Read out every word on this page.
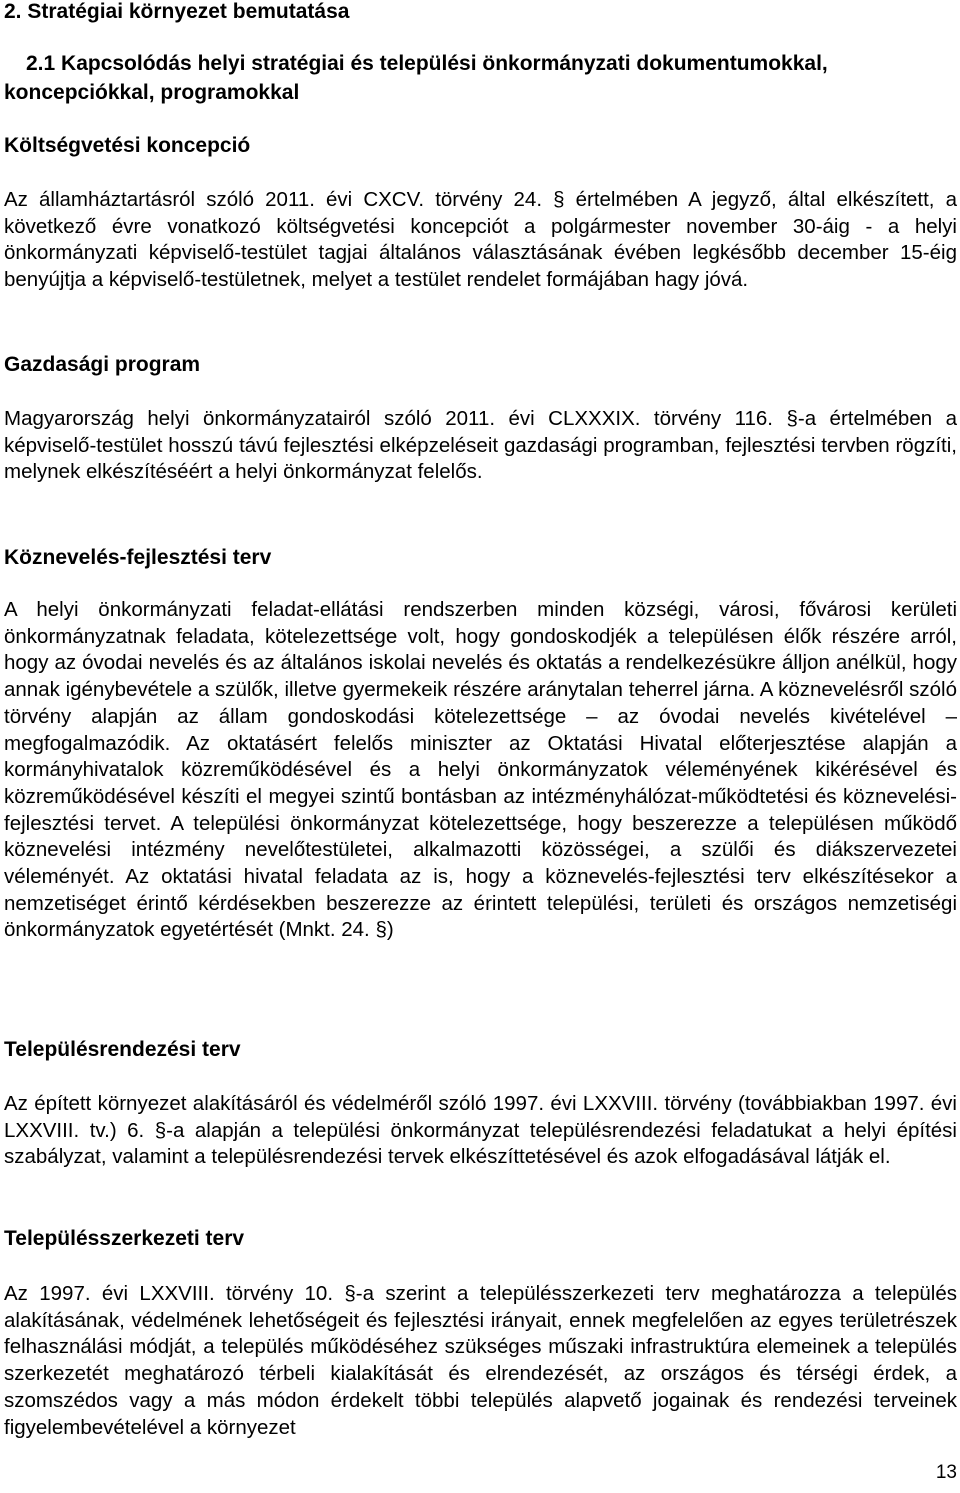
2. Stratégiai környezet bemutatása
2.1 Kapcsolódás helyi stratégiai és települési önkormányzati dokumentumokkal, koncepciókkal, programokkal
Költségvetési koncepció

Az államháztartásról szóló 2011. évi CXCV. törvény 24. § értelmében A jegyző, által elkészített, a következő évre vonatkozó költségvetési koncepciót a polgármester november 30-áig - a helyi önkormányzati képviselő-testület tagjai általános választásának évében legkésőbb december 15-éig benyújtja a képviselő-testületnek, melyet a testület rendelet formájában hagy jóvá.

Gazdasági program

Magyarország helyi önkormányzatairól szóló 2011. évi CLXXXIX. törvény 116. §-a értelmében a képviselő-testület hosszú távú fejlesztési elképzeléseit gazdasági programban, fejlesztési tervben rögzíti, melynek elkészítéséért a helyi önkormányzat felelős.

Köznevelés-fejlesztési terv

A helyi önkormányzati feladat-ellátási rendszerben minden községi, városi, fővárosi kerületi önkormányzatnak feladata, kötelezettsége volt, hogy gondoskodjék a településen élők részére arról, hogy az óvodai nevelés és az általános iskolai nevelés és oktatás a rendelkezésükre álljon anélkül, hogy annak igénybevétele a szülők, illetve gyermekeik részére aránytalan teherrel járna. A köznevelésről szóló törvény alapján az állam gondoskodási kötelezettsége – az óvodai nevelés kivételével – megfogalmazódik. Az oktatásért felelős miniszter az Oktatási Hivatal előterjesztése alapján a kormányhivatalok közreműködésével és a helyi önkormányzatok véleményének kikérésével és közreműködésével készíti el megyei szintű bontásban az intézményhálózat-működtetési és köznevelési-fejlesztési tervet. A települési önkormányzat kötelezettsége, hogy beszerezze a településen működő köznevelési intézmény nevelőtestületei, alkalmazotti közösségei, a szülői és diákszervezetei véleményét. Az oktatási hivatal feladata az is, hogy a köznevelés-fejlesztési terv elkészítésekor a nemzetiséget érintő kérdésekben beszerezze az érintett települési, területi és országos nemzetiségi önkormányzatok egyetértését (Mnkt. 24. §)

Településrendezési terv

Az épített környezet alakításáról és védelméről szóló 1997. évi LXXVIII. törvény (továbbiakban 1997. évi LXXVIII. tv.) 6. §-a alapján a települési önkormányzat településrendezési feladatukat a helyi építési szabályzat, valamint a településrendezési tervek elkészíttetésével és azok elfogadásával látják el.

Településszerkezeti terv

Az 1997. évi LXXVIII. törvény 10. §-a szerint a településszerkezeti terv meghatározza a település alakításának, védelmének lehetőségeit és fejlesztési irányait, ennek megfelelően az egyes területrészek felhasználási módját, a település működéséhez szükséges műszaki infrastruktúra elemeinek a település szerkezetét meghatározó térbeli kialakítását és elrendezését, az országos és térségi érdek, a szomszédos vagy a más módon érdekelt többi település alapvető jogainak és rendezési terveinek figyelembevételével a környezet

13
